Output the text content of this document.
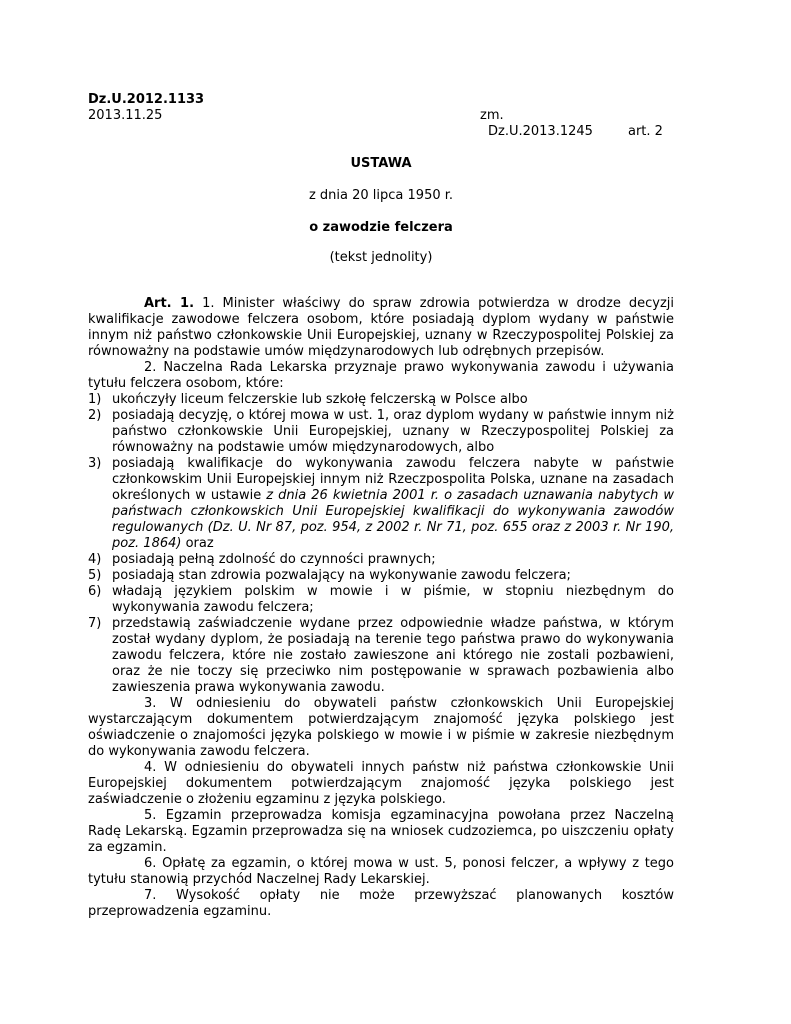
Dz.U.2012.1133
2013.11.25	zm.
Dz.U.2013.1245	art. 2
USTAWA
z dnia 20 lipca 1950 r.
o zawodzie felczera
(tekst jednolity)

Art. 1. 1. Minister właściwy do spraw zdrowia potwierdza w drodze decyzji kwalifikacje zawodowe felczera osobom, które posiadają dyplom wydany w państwie innym niż państwo członkowskie Unii Europejskiej, uznany w Rzeczypospolitej Polskiej za równoważny na podstawie umów międzynarodowych lub odrębnych przepisów.

2. Naczelna Rada Lekarska przyznaje prawo wykonywania zawodu i używania tytułu felczera osobom, które:

1) ukończyły liceum felczerskie lub szkołę felczerską w Polsce albo
2) posiadają decyzję, o której mowa w ust. 1, oraz dyplom wydany w państwie innym niż państwo członkowskie Unii Europejskiej, uznany w Rzeczypospolitej Polskiej za równoważny na podstawie umów międzynarodowych, albo
3) posiadają kwalifikacje do wykonywania zawodu felczera nabyte w państwie członkowskim Unii Europejskiej innym niż Rzeczpospolita Polska, uznane na zasadach określonych w ustawie z dnia 26 kwietnia 2001 r. o zasadach uznawania nabytych w państwach członkowskich Unii Europejskiej kwalifikacji do wykonywania zawodów regulowanych (Dz. U. Nr 87, poz. 954, z 2002 r. Nr 71, poz. 655 oraz z 2003 r. Nr 190, poz. 1864) oraz
4) posiadają pełną zdolność do czynności prawnych;
5) posiadają stan zdrowia pozwalający na wykonywanie zawodu felczera;
6) władają językiem polskim w mowie i w piśmie, w stopniu niezbędnym do wykonywania zawodu felczera;
7) przedstawią zaświadczenie wydane przez odpowiednie władze państwa, w którym został wydany dyplom, że posiadają na terenie tego państwa prawo do wykonywania zawodu felczera, które nie zostało zawieszone ani którego nie zostali pozbawieni, oraz że nie toczy się przeciwko nim postępowanie w sprawach pozbawienia albo zawieszenia prawa wykonywania zawodu.

3. W odniesieniu do obywateli państw członkowskich Unii Europejskiej wystarczającym dokumentem potwierdzającym znajomość języka polskiego jest oświadczenie o znajomości języka polskiego w mowie i w piśmie w zakresie niezbędnym do wykonywania zawodu felczera.

4. W odniesieniu do obywateli innych państw niż państwa członkowskie Unii Europejskiej dokumentem potwierdzającym znajomość języka polskiego jest zaświadczenie o złożeniu egzaminu z języka polskiego.

5. Egzamin przeprowadza komisja egzaminacyjna powołana przez Naczelną Radę Lekarską. Egzamin przeprowadza się na wniosek cudzoziemca, po uiszczeniu opłaty za egzamin.

6. Opłatę za egzamin, o której mowa w ust. 5, ponosi felczer, a wpływy z tego tytułu stanowią przychód Naczelnej Rady Lekarskiej.

7. Wysokość opłaty nie może przewyższać planowanych kosztów przeprowadzenia egzaminu.
